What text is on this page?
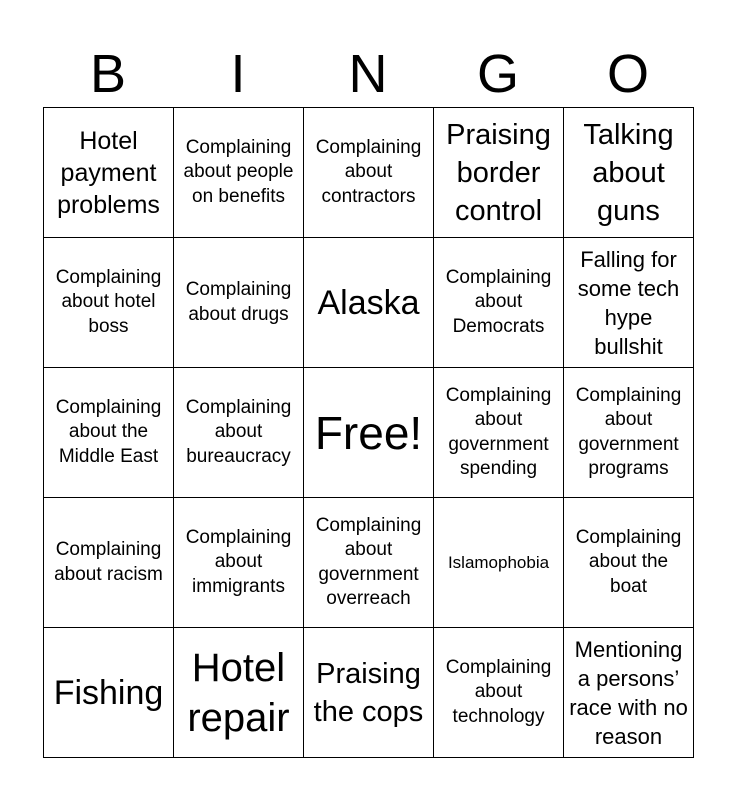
B	I	N	G	O
Hotel payment problems	Complaining about people on benefits	Complaining about contractors	Praising border control	Talking about guns

Complaining about hotel boss	Complaining about drugs	Alaska	Complaining about Democrats	Falling for some tech hype bullshit

Complaining about the Middle East	Complaining about bureaucracy	Free!	Complaining about government spending	Complaining about government programs

Complaining about racism	Complaining about immigrants	Complaining about government overreach	Islamophobia	Complaining about the boat

Fishing	Hotel repair	Praising the cops	Complaining about technology	Mentioning a persons’ race with no reason
